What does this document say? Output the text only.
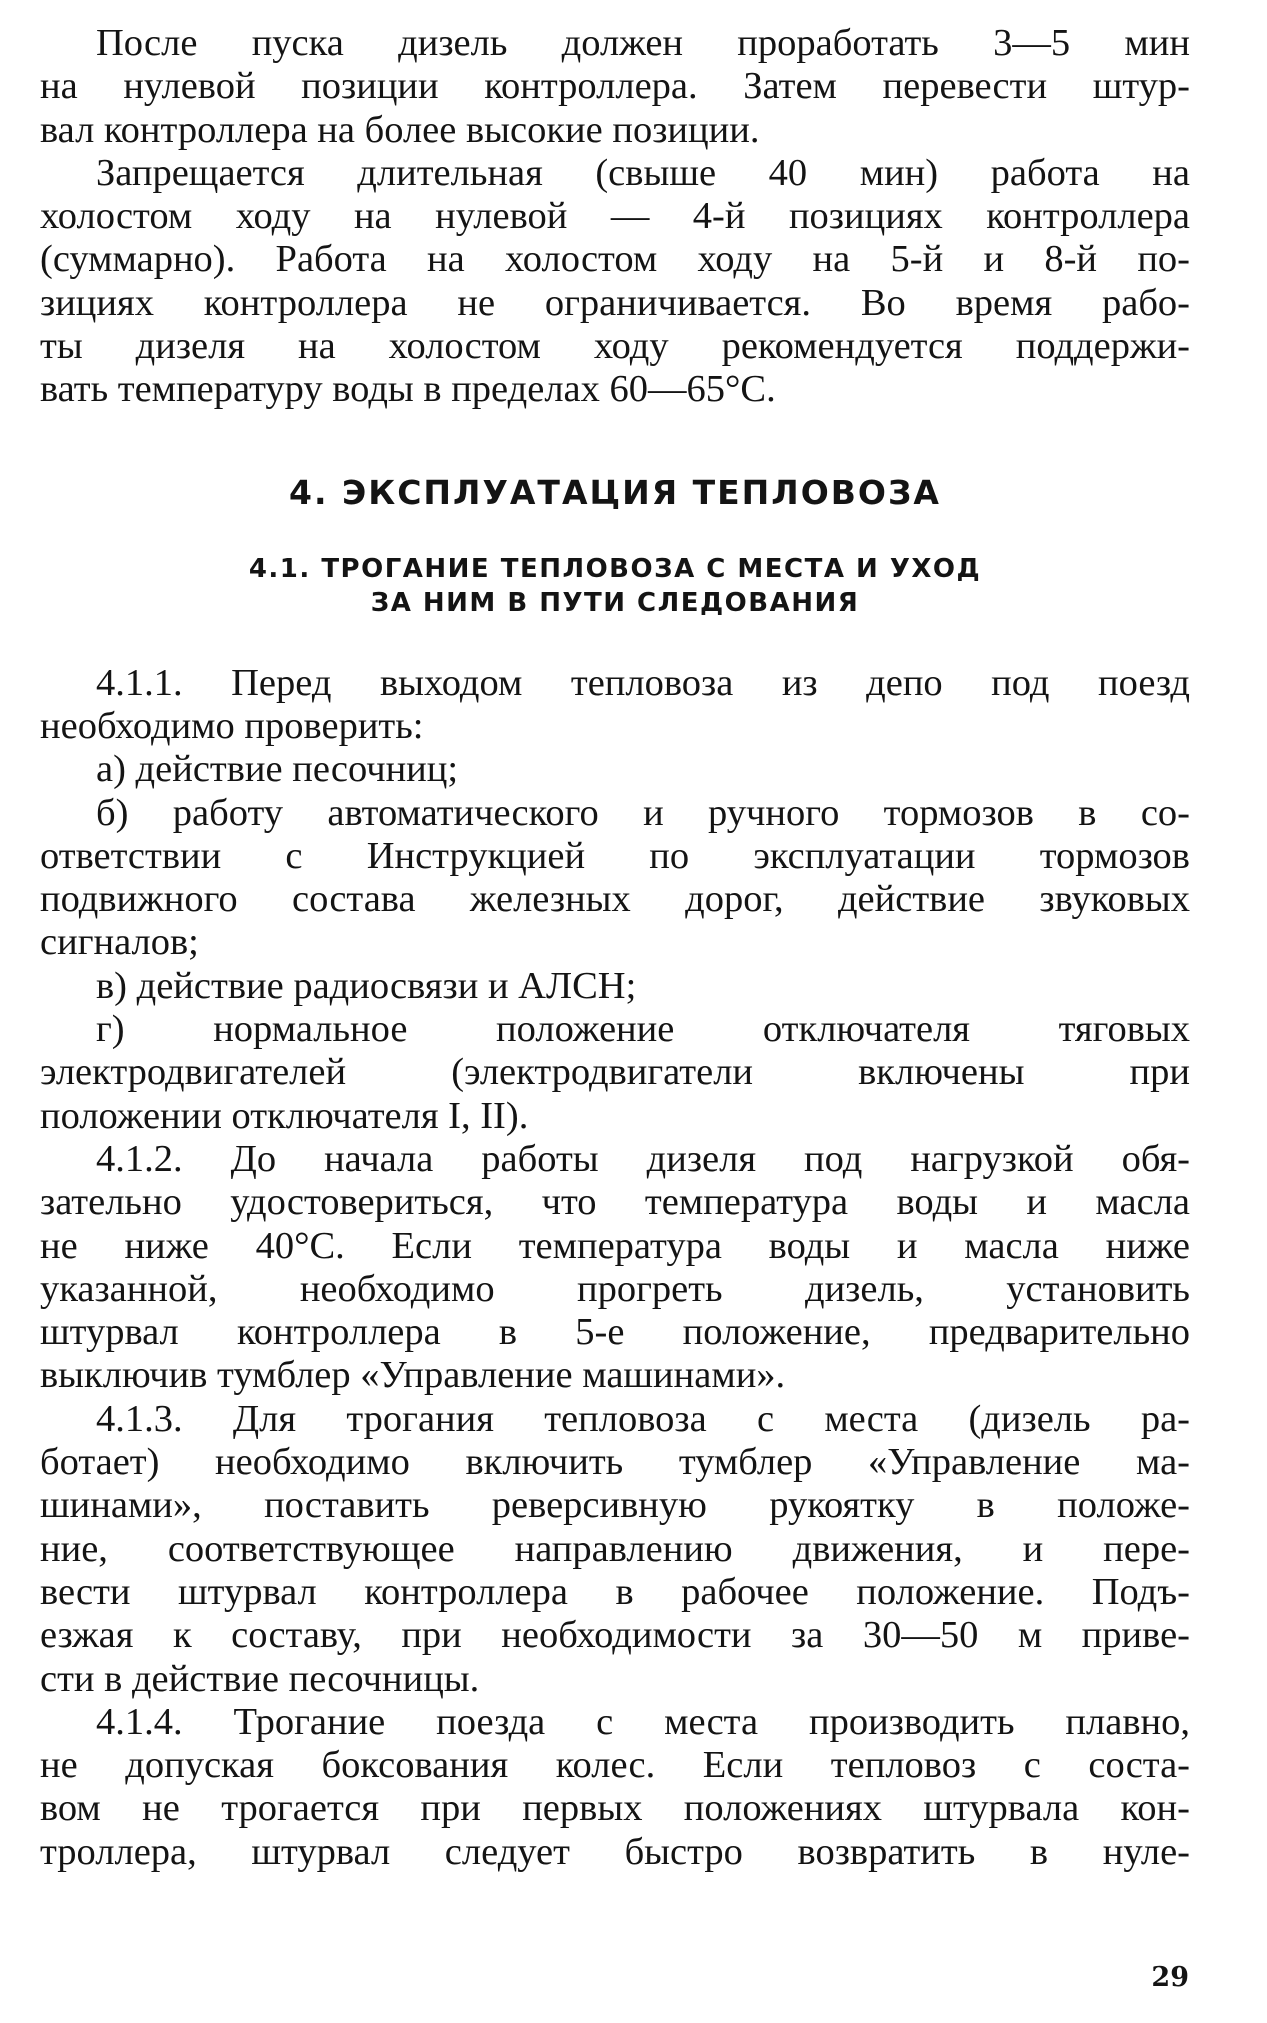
После пуска дизель должен проработать 3—5 мин
на нулевой позиции контроллера. Затем перевести штур-
вал контроллера на более высокие позиции.
Запрещается длительная (свыше 40 мин) работа на
холостом ходу на нулевой — 4-й позициях контроллера
(суммарно). Работа на холостом ходу на 5-й и 8-й по-
зициях контроллера не ограничивается. Во время рабо-
ты дизеля на холостом ходу рекомендуется поддержи-
вать температуру воды в пределах 60—65°С.
4. ЭКСПЛУАТАЦИЯ ТЕПЛОВОЗА
4.1. ТРОГАНИЕ ТЕПЛОВОЗА С МЕСТА И УХОД
ЗА НИМ В ПУТИ СЛЕДОВАНИЯ
4.1.1. Перед выходом тепловоза из депо под поезд
необходимо проверить:
а) действие песочниц;
б) работу автоматического и ручного тормозов в со-
ответствии с Инструкцией по эксплуатации тормозов
подвижного состава железных дорог, действие звуковых
сигналов;
в) действие радиосвязи и АЛСН;
г) нормальное положение отключателя тяговых
электродвигателей (электродвигатели включены при
положении отключателя I, II).
4.1.2. До начала работы дизеля под нагрузкой обя-
зательно удостовериться, что температура воды и масла
не ниже 40°С. Если температура воды и масла ниже
указанной, необходимо прогреть дизель, установить
штурвал контроллера в 5-е положение, предварительно
выключив тумблер «Управление машинами».
4.1.3. Для трогания тепловоза с места (дизель ра-
ботает) необходимо включить тумблер «Управление ма-
шинами», поставить реверсивную рукоятку в положе-
ние, соответствующее направлению движения, и пере-
вести штурвал контроллера в рабочее положение. Подъ-
езжая к составу, при необходимости за 30—50 м приве-
сти в действие песочницы.
4.1.4. Трогание поезда с места производить плавно,
не допуская боксования колес. Если тепловоз с соста-
вом не трогается при первых положениях штурвала кон-
троллера, штурвал следует быстро возвратить в нуле-
29
